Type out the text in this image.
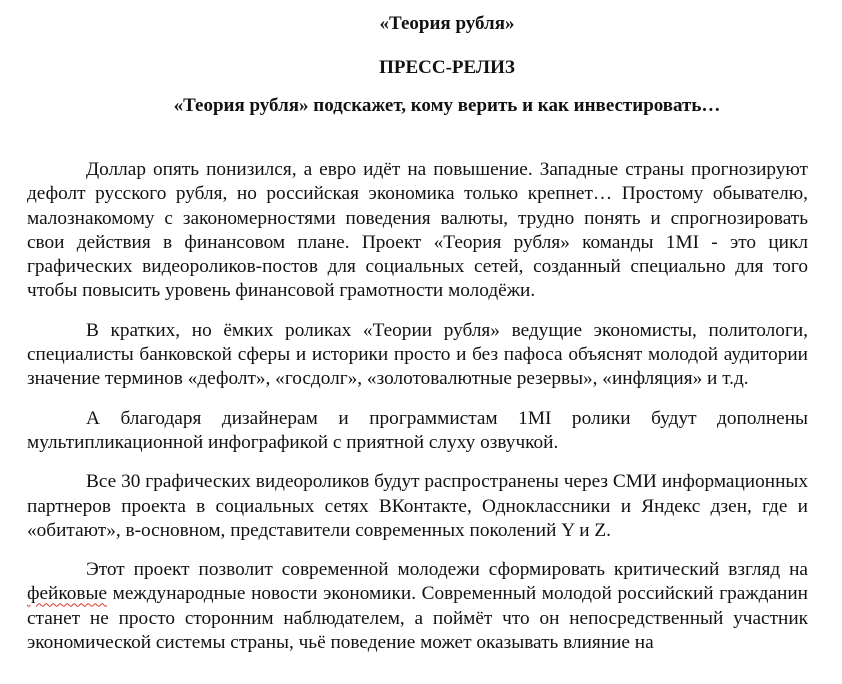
«Теория рубля»
ПРЕСС-РЕЛИЗ
«Теория рубля» подскажет, кому верить и как инвестировать…

Доллар опять понизился, а евро идёт на повышение. Западные страны прогнозируют дефолт русского рубля, но российская экономика только крепнет… Простому обывателю, малознакомому с закономерностями поведения валюты, трудно понять и спрогнозировать свои действия в финансовом плане. Проект «Теория рубля» команды 1MI - это цикл графических видеороликов-постов для социальных сетей, созданный специально для того чтобы повысить уровень финансовой грамотности молодёжи.

В кратких, но ёмких роликах «Теории рубля» ведущие экономисты, политологи, специалисты банковской сферы и историки просто и без пафоса объяснят молодой аудитории значение терминов «дефолт», «госдолг», «золотовалютные резервы», «инфляция» и т.д.

А благодаря дизайнерам и программистам 1MI ролики будут дополнены мультипликационной инфографикой с приятной слуху озвучкой.

Все 30 графических видеороликов будут распространены через СМИ информационных партнеров проекта в социальных сетях ВКонтакте, Одноклассники и Яндекс дзен, где и «обитают», в-основном, представители современных поколений Y и Z.

Этот проект позволит современной молодежи сформировать критический взгляд на фейковые международные новости экономики. Современный молодой российский гражданин станет не просто сторонним наблюдателем, а поймёт что он непосредственный участник экономической системы страны, чьё поведение может оказывать влияние на
